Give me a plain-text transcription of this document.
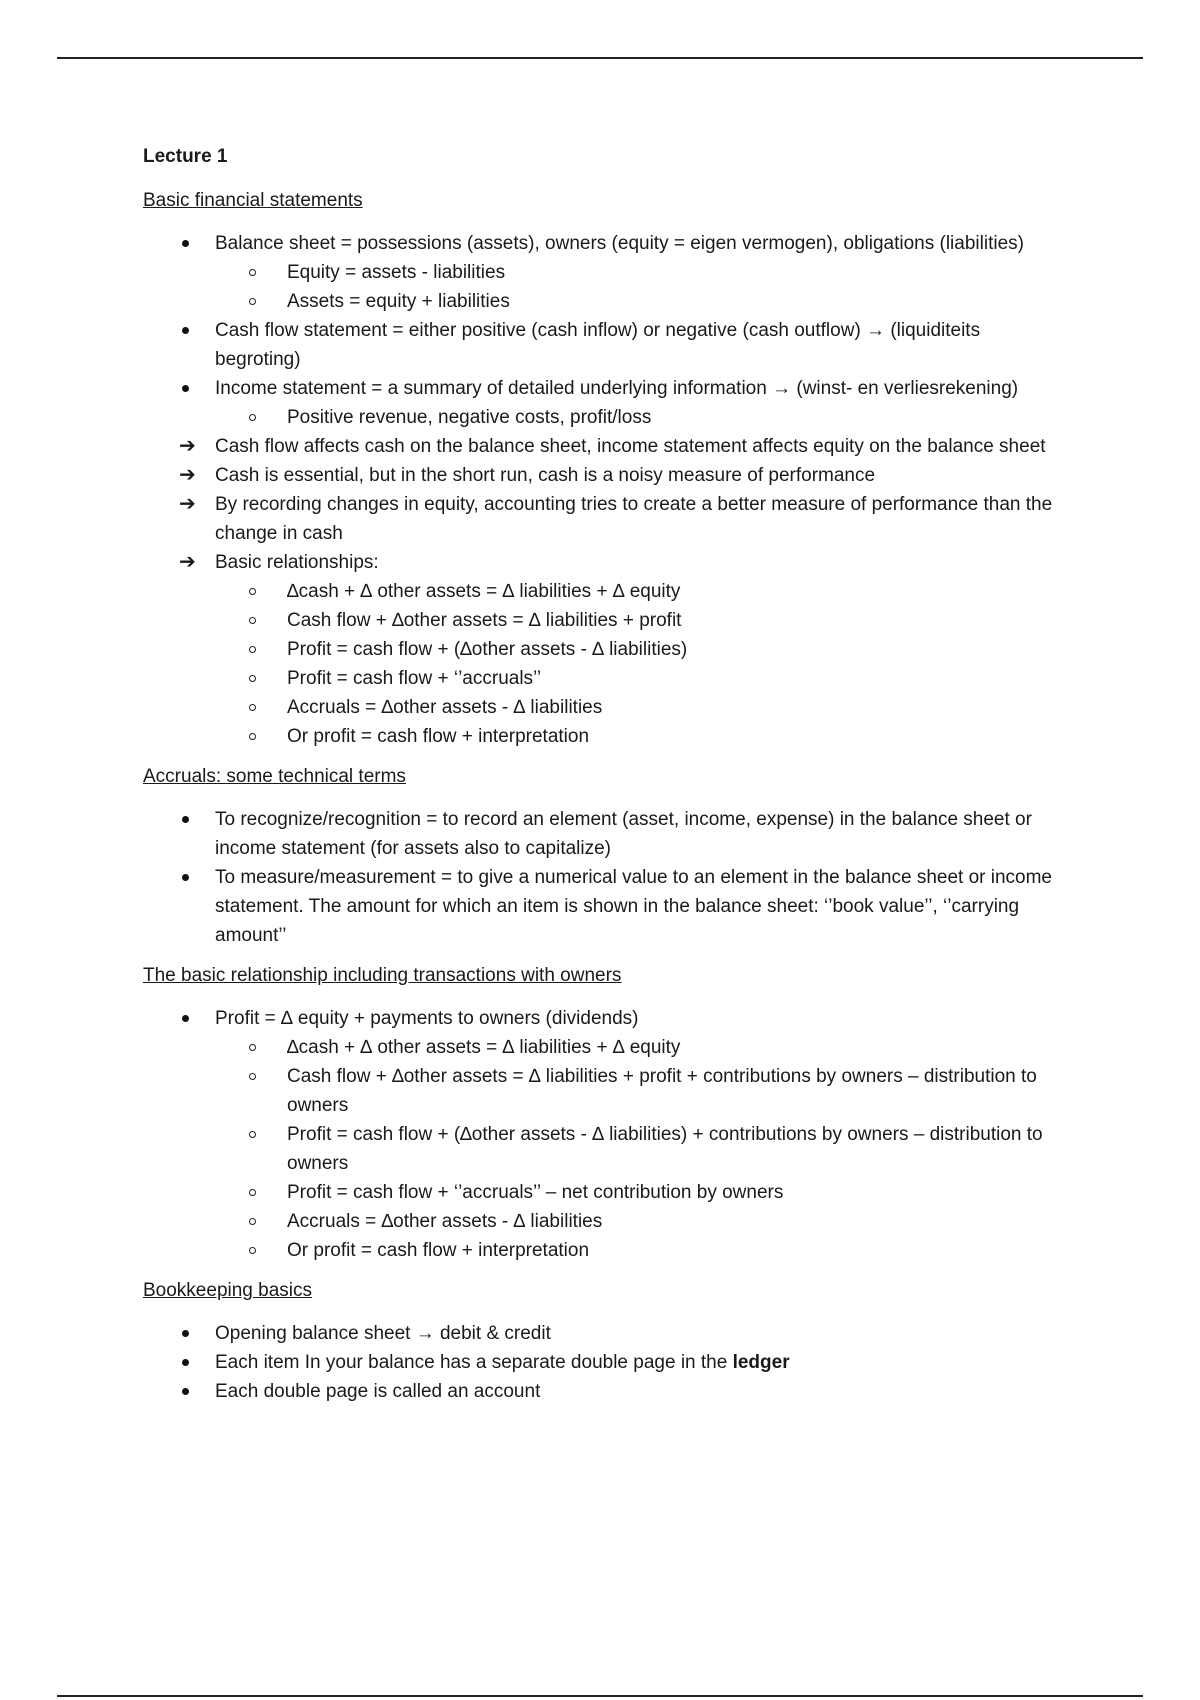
Lecture 1
Basic financial statements
Balance sheet = possessions (assets), owners (equity = eigen vermogen), obligations (liabilities)
Equity = assets - liabilities
Assets = equity + liabilities
Cash flow statement = either positive (cash inflow) or negative (cash outflow) → (liquiditeits begroting)
Income statement = a summary of detailed underlying information → (winst- en verliesrekening)
Positive revenue, negative costs, profit/loss
➔ Cash flow affects cash on the balance sheet, income statement affects equity on the balance sheet
➔ Cash is essential, but in the short run, cash is a noisy measure of performance
➔ By recording changes in equity, accounting tries to create a better measure of performance than the change in cash
➔ Basic relationships:
∆cash + ∆ other assets = ∆ liabilities + ∆ equity
Cash flow + ∆other assets = ∆ liabilities + profit
Profit = cash flow + (∆other assets - ∆ liabilities)
Profit = cash flow + ‘’accruals’’
Accruals = ∆other assets - ∆ liabilities
Or profit = cash flow + interpretation
Accruals: some technical terms
To recognize/recognition = to record an element (asset, income, expense) in the balance sheet or income statement (for assets also to capitalize)
To measure/measurement = to give a numerical value to an element in the balance sheet or income statement. The amount for which an item is shown in the balance sheet: ‘’book value’’, ‘’carrying amount’’
The basic relationship including transactions with owners
Profit = ∆ equity + payments to owners (dividends)
∆cash + ∆ other assets = ∆ liabilities + ∆ equity
Cash flow + ∆other assets = ∆ liabilities + profit + contributions by owners – distribution to owners
Profit = cash flow + (∆other assets - ∆ liabilities) + contributions by owners – distribution to owners
Profit = cash flow + ‘’accruals’’ – net contribution by owners
Accruals = ∆other assets - ∆ liabilities
Or profit = cash flow + interpretation
Bookkeeping basics
Opening balance sheet → debit & credit
Each item In your balance has a separate double page in the ledger
Each double page is called an account
